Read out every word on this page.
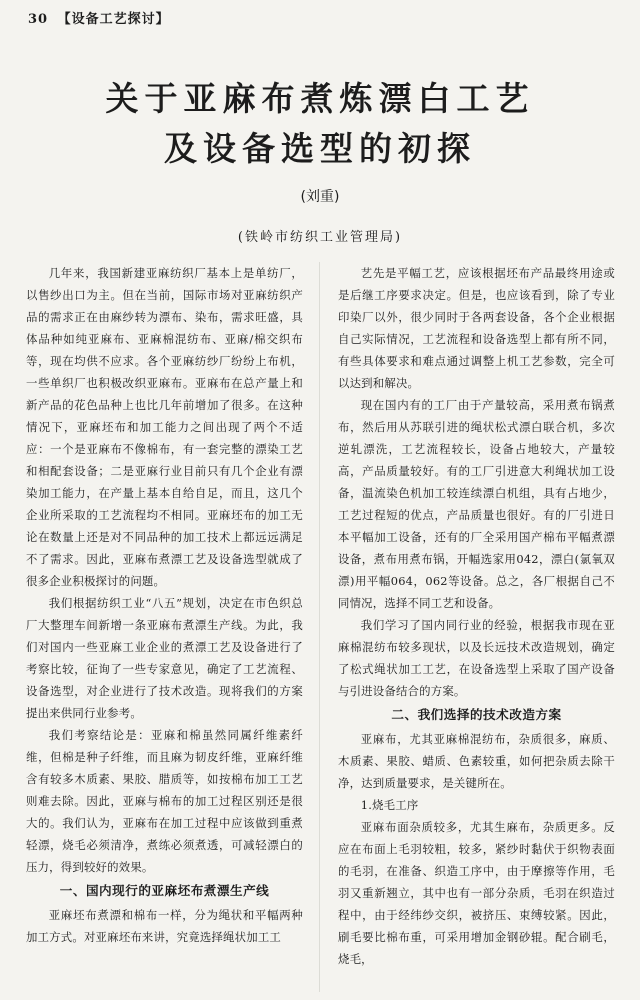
30 【设备工艺探讨】
关于亚麻布煮炼漂白工艺
及设备选型的初探
(刘重)
(铁岭市纺织工业管理局)

几年来，我国新建亚麻纺织厂基本上是单纺厂，以售纱出口为主。但在当前，国际市场对亚麻纺织产品的需求正在由麻纱转为漂布、染布，需求旺盛，具体品种如纯亚麻布、亚麻棉混纺布、亚麻/棉交织布等，现在均供不应求。各个亚麻纺纱厂纷纷上布机，一些单织厂也积极改织亚麻布。亚麻布在总产量上和新产品的花色品种上也比几年前增加了很多。在这种情况下，亚麻坯布和加工能力之间出现了两个不适应：一个是亚麻布不像棉布，有一套完整的漂染工艺和相配套设备；二是亚麻行业目前只有几个企业有漂染加工能力，在产量上基本自给自足，而且，这几个企业所采取的工艺流程均不相同。亚麻坯布的加工无论在数量上还是对不同品种的加工技术上都远远满足不了需求。因此，亚麻布煮漂工艺及设备选型就成了很多企业积极探讨的问题。

我们根据纺织工业“八五”规划，决定在市色织总厂大整理车间新增一条亚麻布煮漂生产线。为此，我们对国内一些亚麻工业企业的煮漂工艺及设备进行了考察比较，征询了一些专家意见，确定了工艺流程、设备选型，对企业进行了技术改造。现将我们的方案提出来供同行业参考。

我们考察结论是：亚麻和棉虽然同属纤维素纤维，但棉是种子纤维，而且麻为韧皮纤维，亚麻纤维含有较多木质素、果胶、腊质等，如按棉布加工工艺则难去除。因此，亚麻与棉布的加工过程区别还是很大的。我们认为，亚麻布在加工过程中应该做到重煮轻漂，烧毛必须清净，煮练必须煮透，可减轻漂白的压力，得到较好的效果。

一、国内现行的亚麻坯布煮漂生产线

亚麻坯布煮漂和棉布一样，分为绳状和平幅两种加工方式。对亚麻坯布来讲，究竟选择绳状加工工

艺先是平幅工艺，应该根据坯布产品最终用途或是后继工序要求决定。但是，也应该看到，除了专业印染厂以外，很少同时于各两套设备，各个企业根据自己实际情况，工艺流程和设备选型上都有所不同，有些具体要求和难点通过调整上机工艺参数，完全可以达到和解决。

现在国内有的工厂由于产量较高，采用煮布锅煮布，然后用从苏联引进的绳状松式漂白联合机，多次逆轧漂洗，工艺流程较长，设备占地较大，产量较高，产品质量较好。有的工厂引进意大利绳状加工设备，温流染色机加工较连续漂白机组，具有占地少，工艺过程短的优点，产品质量也很好。有的厂引进日本平幅加工设备，还有的厂全采用国产棉布平幅煮漂设备，煮布用煮布锅，开幅选家用042，漂白(氯氧双漂)用平幅064，062等设备。总之，各厂根据自己不同情况，选择不同工艺和设备。

我们学习了国内同行业的经验，根据我市现在亚麻棉混纺布较多现状，以及长远技术改造规划，确定了松式绳状加工工艺，在设备选型上采取了国产设备与引进设备结合的方案。

二、我们选择的技术改造方案

亚麻布，尤其亚麻棉混纺布，杂质很多，麻质、木质素、果胶、蜡质、色素较重，如何把杂质去除干净，达到质量要求，是关键所在。

1.烧毛工序

亚麻布面杂质较多，尤其生麻布，杂质更多。反应在布面上毛羽较粗，较多，紧纱时黏伏于织物表面的毛羽，在准备、织造工序中，由于摩擦等作用，毛羽又重新翘立，其中也有一部分杂质，毛羽在织造过程中，由于经纬纱交织，被挤压、束缚较紧。因此，刷毛要比棉布重，可采用增加金钢砂辊。配合刷毛，烧毛，
